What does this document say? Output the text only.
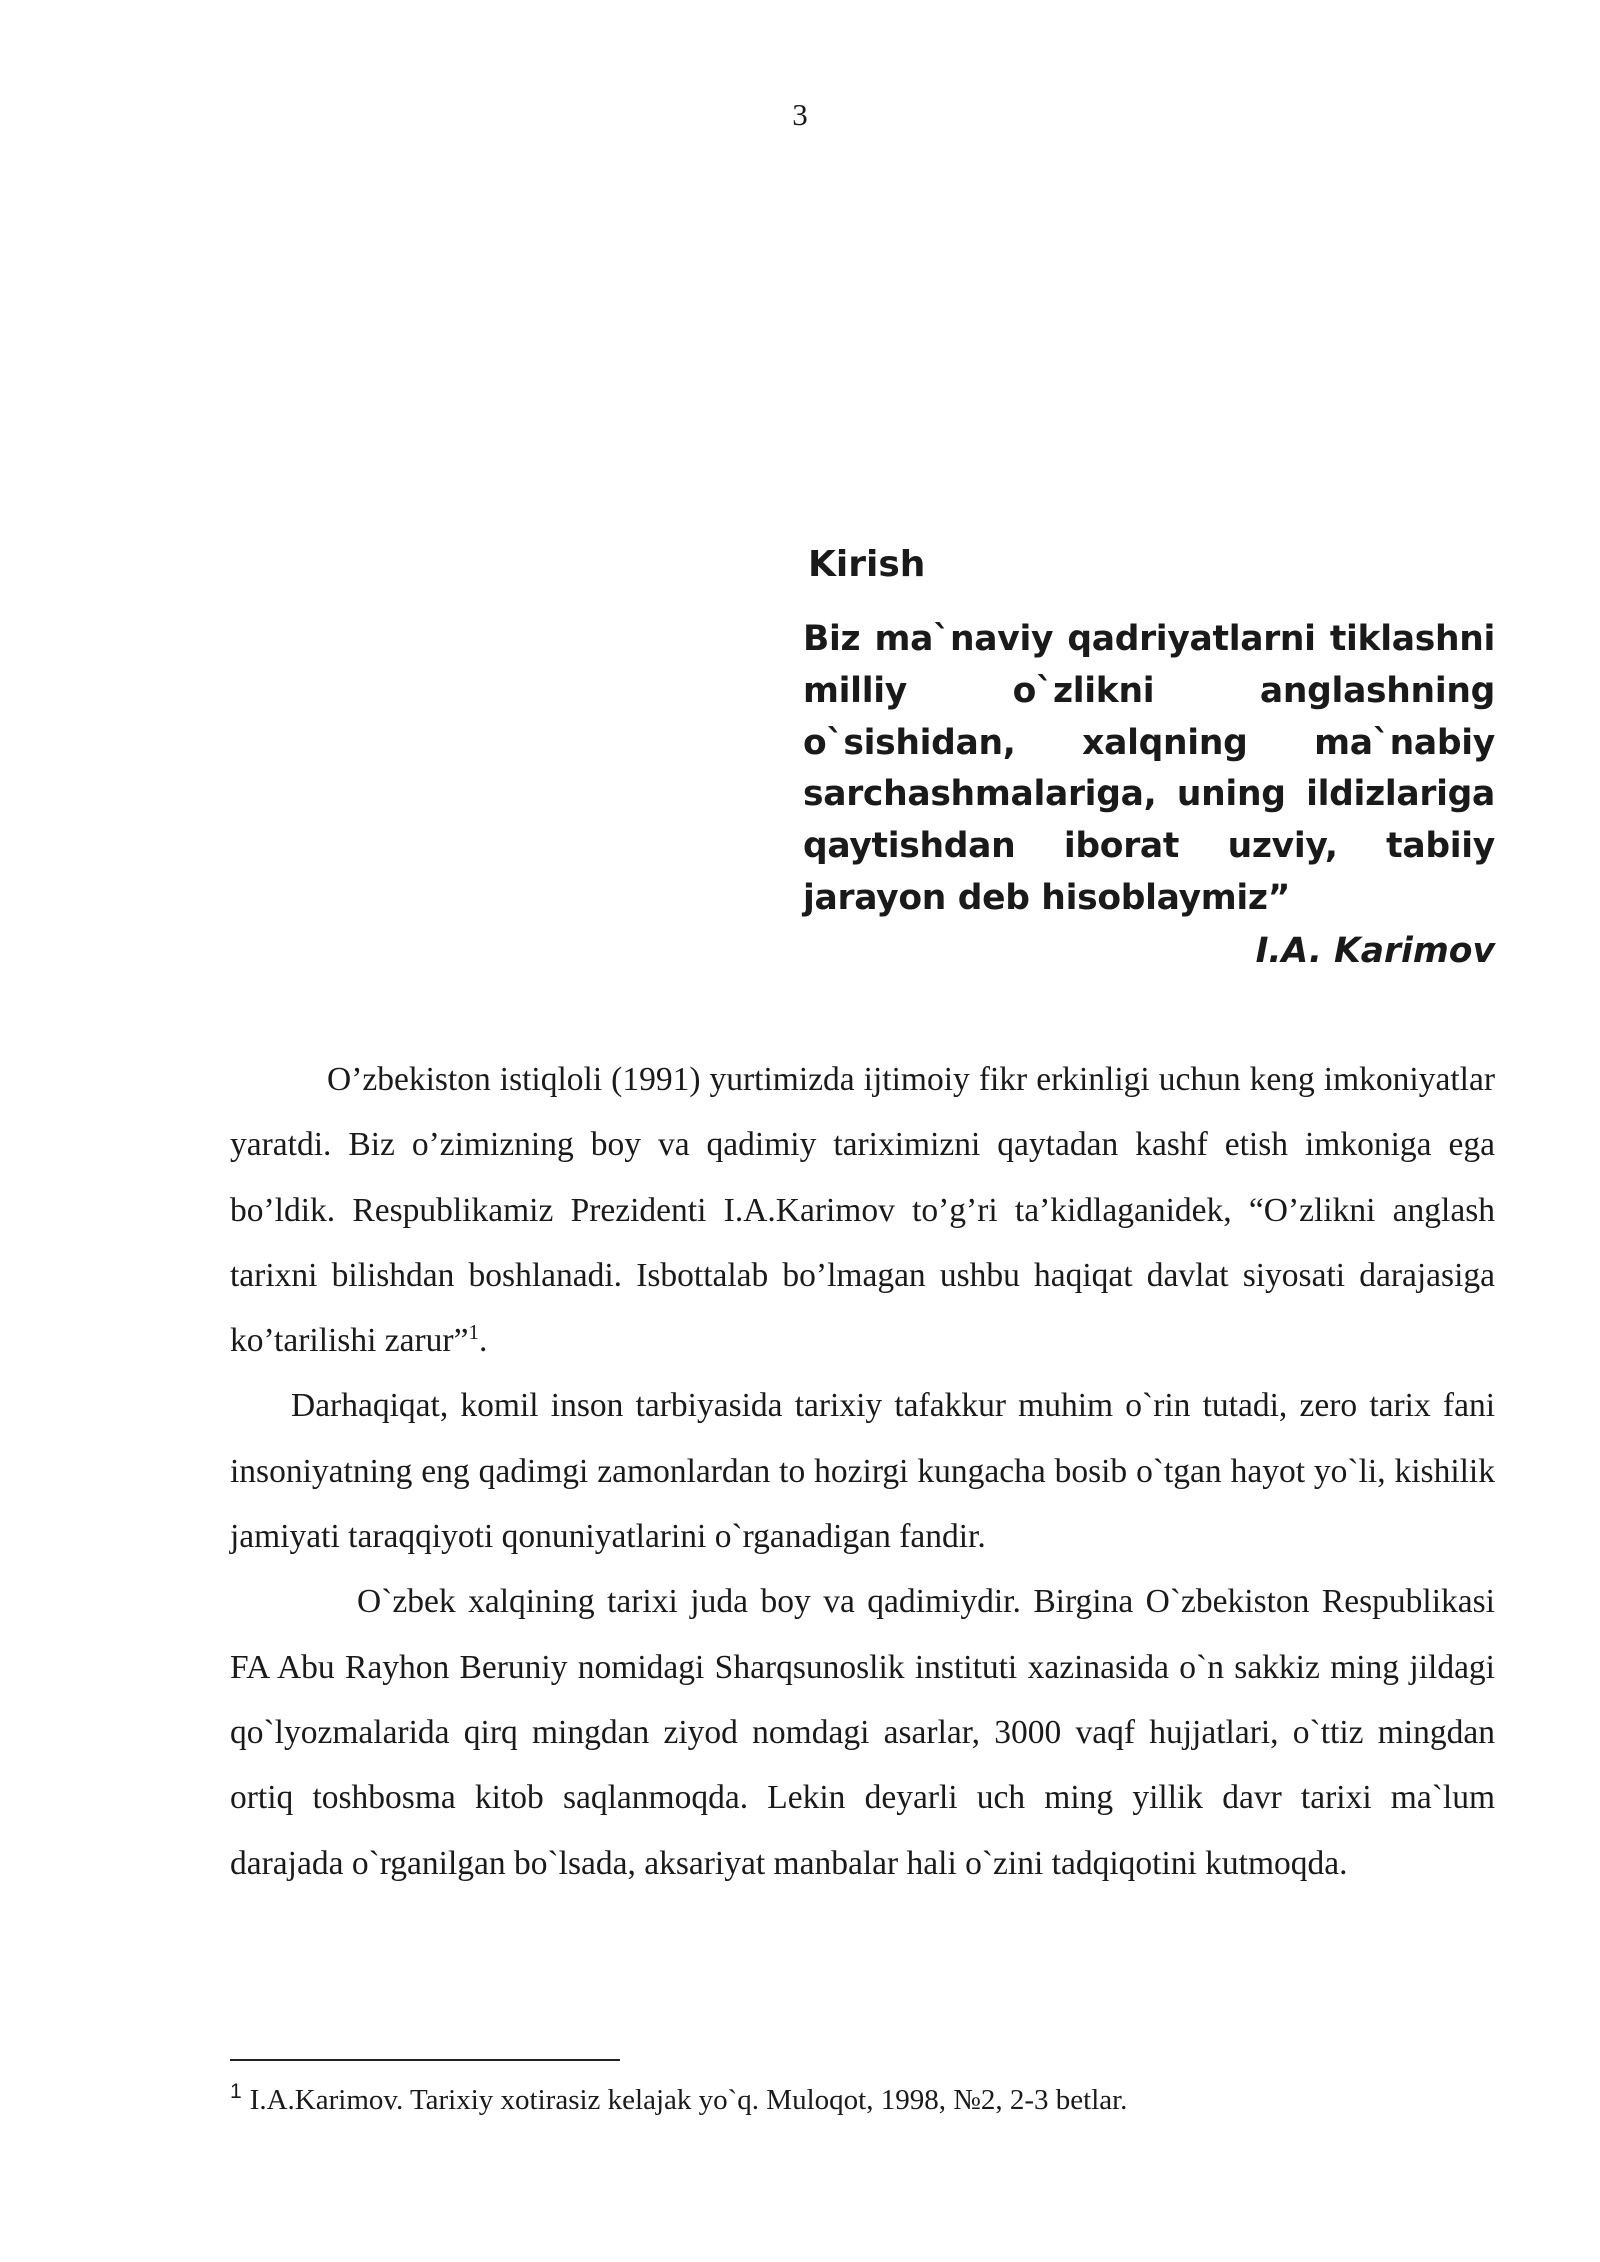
3
Kirish

Biz ma`naviy qadriyatlarni tiklashni milliy o`zlikni anglashning o`sishidan, xalqning ma`nabiy sarchashmalariga, uning ildizlariga qaytishdan iborat uzviy, tabiiy jarayon deb hisoblaymiz”

I.A. Karimov

O’zbekiston istiqloli (1991) yurtimizda ijtimoiy fikr erkinligi uchun keng imkoniyatlar yaratdi. Biz o’zimizning boy va qadimiy tariximizni qaytadan kashf etish imkoniga ega bo’ldik. Respublikamiz Prezidenti I.A.Karimov to’g’ri ta’kidlaganidek, “O’zlikni anglash tarixni bilishdan boshlanadi. Isbottalab bo’lmagan ushbu haqiqat davlat siyosati darajasiga ko’tarilishi zarur”$^1$.

Darhaqiqat, komil inson tarbiyasida tarixiy tafakkur muhim o`rin tutadi, zero tarix fani insoniyatning eng qadimgi zamonlardan to hozirgi kungacha bosib o`tgan hayot yo`li, kishilik jamiyati taraqqiyoti qonuniyatlarini o`rganadigan fandir.

O`zbek xalqining tarixi juda boy va qadimiydir. Birgina O`zbekiston Respublikasi FA Abu Rayhon Beruniy nomidagi Sharqsunoslik instituti xazinasida o`n sakkiz ming jildagi qo`lyozmalarida qirq mingdan ziyod nomdagi asarlar, 3000 vaqf hujjatlari, o`ttiz mingdan ortiq toshbosma kitob saqlanmoqda. Lekin deyarli uch ming yillik davr tarixi ma`lum darajada o`rganilgan bo`lsada, aksariyat manbalar hali o`zini tadqiqotini kutmoqda.

$^1$ I.A.Karimov. Tarixiy xotirasiz kelajak yo`q. Muloqot, 1998, №2, 2-3 betlar.
